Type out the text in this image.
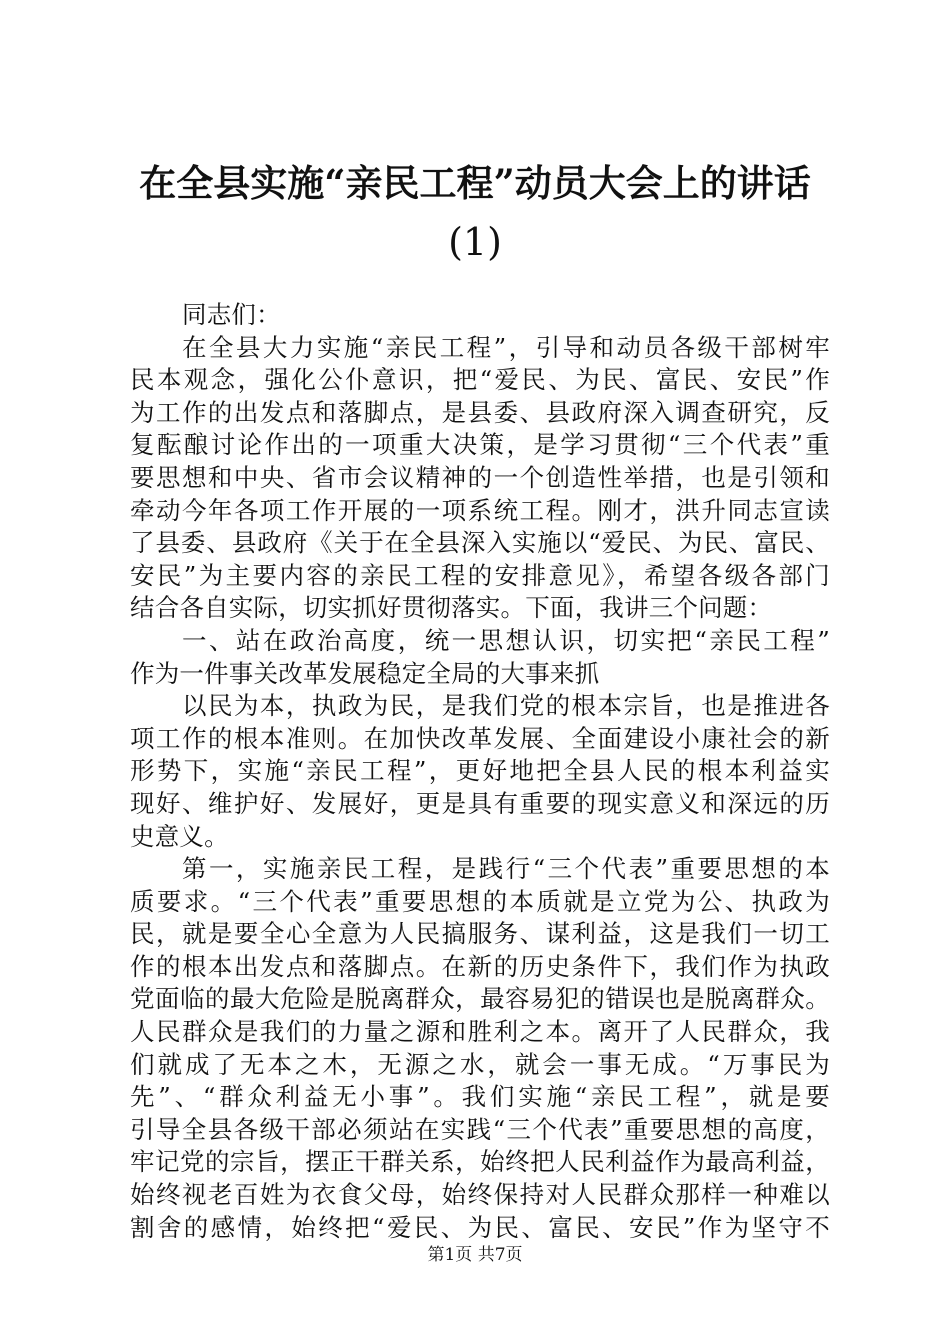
在全县实施“亲民工程”动员大会上的讲话
(1)
同志们：
在全县大力实施“亲民工程”，引导和动员各级干部树牢
民本观念，强化公仆意识，把“爱民、为民、富民、安民”作
为工作的出发点和落脚点，是县委、县政府深入调查研究，反
复酝酿讨论作出的一项重大决策，是学习贯彻“三个代表”重
要思想和中央、省市会议精神的一个创造性举措，也是引领和
牵动今年各项工作开展的一项系统工程。刚才，洪升同志宣读
了县委、县政府《关于在全县深入实施以“爱民、为民、富民、
安民”为主要内容的亲民工程的安排意见》，希望各级各部门
结合各自实际，切实抓好贯彻落实。下面，我讲三个问题：
一、站在政治高度，统一思想认识，切实把“亲民工程”
作为一件事关改革发展稳定全局的大事来抓
以民为本，执政为民，是我们党的根本宗旨，也是推进各
项工作的根本准则。在加快改革发展、全面建设小康社会的新
形势下，实施“亲民工程”，更好地把全县人民的根本利益实
现好、维护好、发展好，更是具有重要的现实意义和深远的历
史意义。
第一，实施亲民工程，是践行“三个代表”重要思想的本
质要求。“三个代表”重要思想的本质就是立党为公、执政为
民，就是要全心全意为人民搞服务、谋利益，这是我们一切工
作的根本出发点和落脚点。在新的历史条件下，我们作为执政
党面临的最大危险是脱离群众，最容易犯的错误也是脱离群众。
人民群众是我们的力量之源和胜利之本。离开了人民群众，我
们就成了无本之木，无源之水，就会一事无成。“万事民为
先”、“群众利益无小事”。我们实施“亲民工程”，就是要
引导全县各级干部必须站在实践“三个代表”重要思想的高度，
牢记党的宗旨，摆正干群关系，始终把人民利益作为最高利益，
始终视老百姓为衣食父母，始终保持对人民群众那样一种难以
割舍的感情，始终把“爱民、为民、富民、安民”作为坚守不
第1页 共7页
